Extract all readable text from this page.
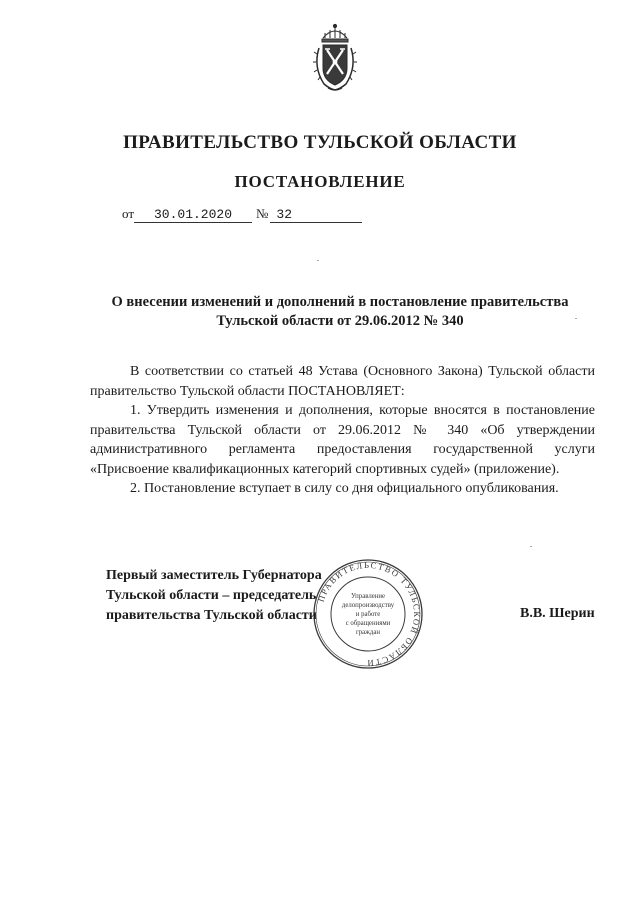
ПРАВИТЕЛЬСТВО ТУЛЬСКОЙ ОБЛАСТИ
ПОСТАНОВЛЕНИЕ
от 30.01.2020 № 32
О внесении изменений и дополнений в постановление правительства Тульской области от 29.06.2012 № 340

В соответствии со статьей 48 Устава (Основного Закона) Тульской области правительство Тульской области ПОСТАНОВЛЯЕТ:

1. Утвердить изменения и дополнения, которые вносятся в постановление правительства Тульской области от 29.06.2012 № 340 «Об утверждении административного регламента предоставления государственной услуги «Присвоение квалификационных категорий спортивных судей» (приложение).

2. Постановление вступает в силу со дня официального опубликования.

ПРАВИТЕЛЬСТВО ТУЛЬСКОЙ ОБЛАСТИ
Управление
делопроизводству
и работе
с обращениями
граждан
Первый заместитель Губернатора
Тульской области – председатель
правительства Тульской области	В.В. Шерин
